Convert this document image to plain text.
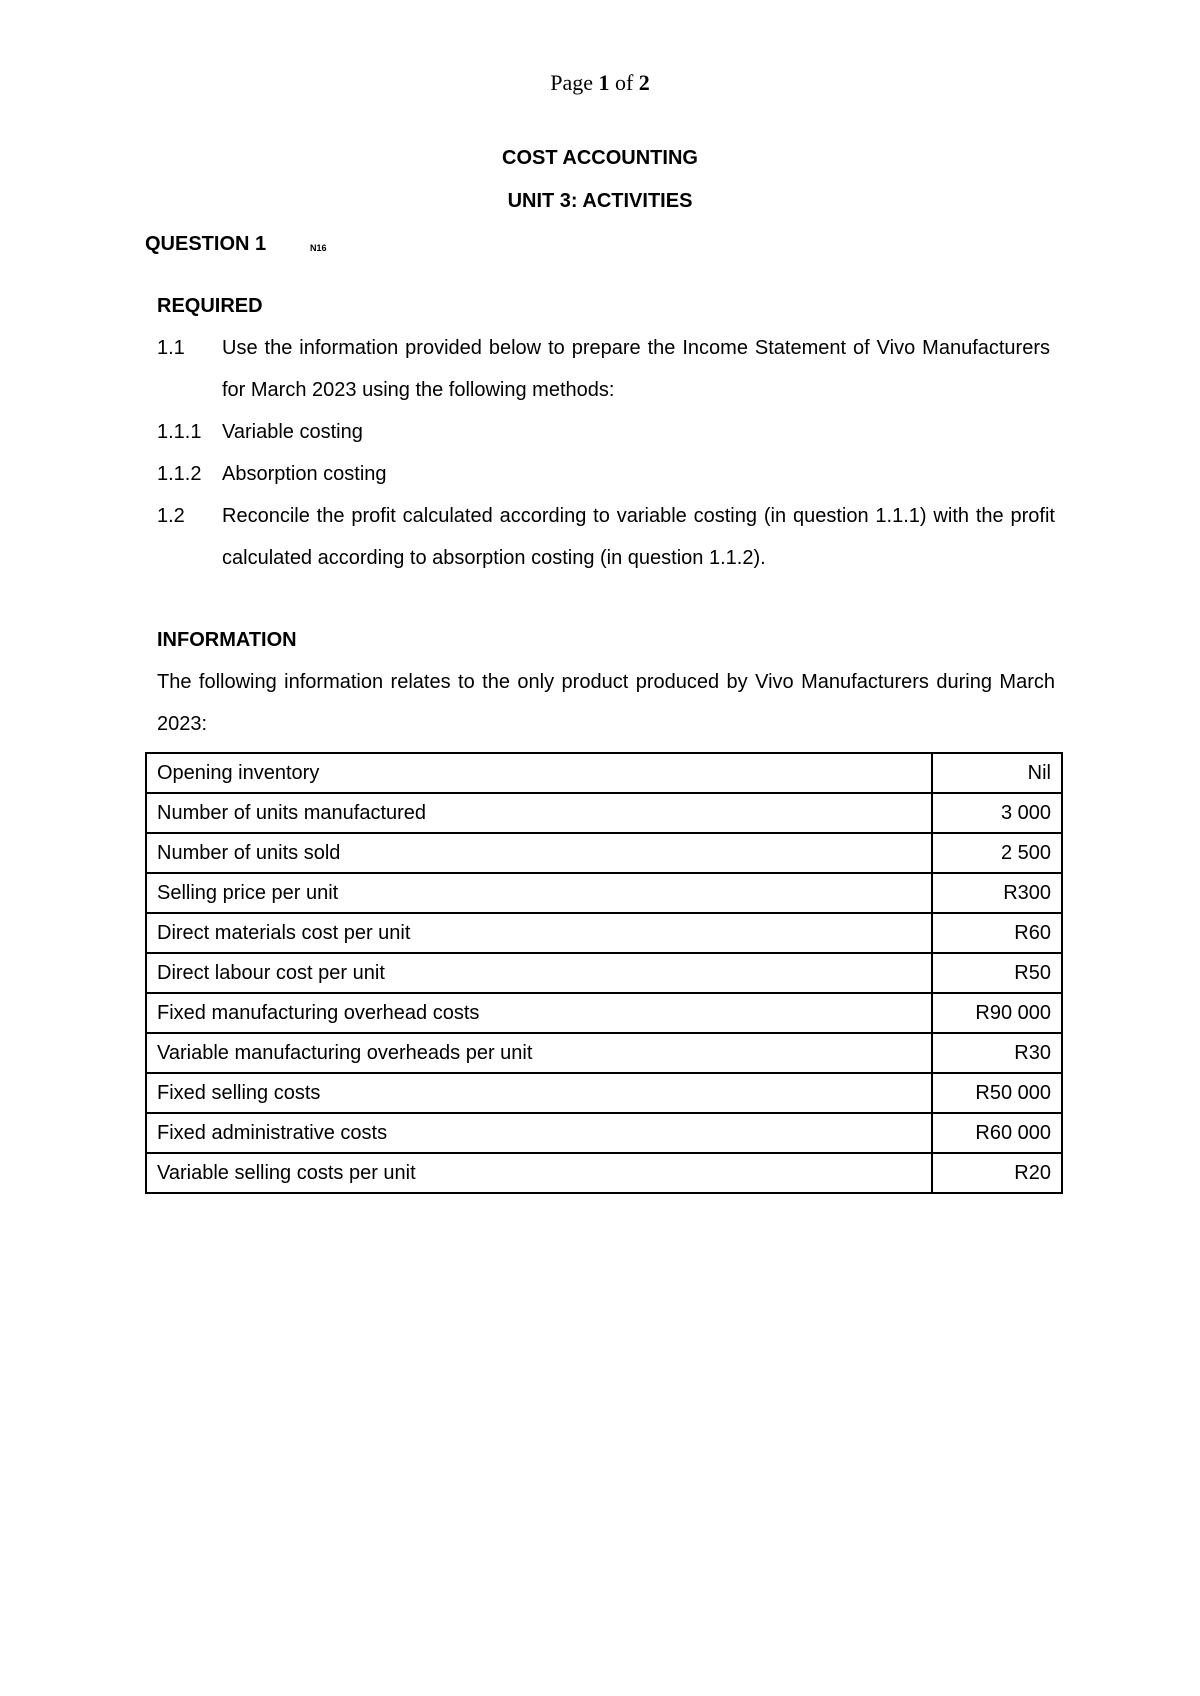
Page 1 of 2
COST ACCOUNTING
UNIT 3: ACTIVITIES
QUESTION 1	N16
REQUIRED
1.1	Use the information provided below to prepare the Income Statement of Vivo Manufacturers
for March 2023 using the following methods:
1.1.1	Variable costing
1.1.2	Absorption costing
1.2	Reconcile the profit calculated according to variable costing (in question 1.1.1) with the profit
calculated according to absorption costing (in question 1.1.2).
INFORMATION
The following information relates to the only product produced by Vivo Manufacturers during March
2023:
Opening inventory	Nil
Number of units manufactured	3 000
Number of units sold	2 500
Selling price per unit	R300
Direct materials cost per unit	R60
Direct labour cost per unit	R50
Fixed manufacturing overhead costs	R90 000
Variable manufacturing overheads per unit	R30
Fixed selling costs	R50 000
Fixed administrative costs	R60 000
Variable selling costs per unit	R20
